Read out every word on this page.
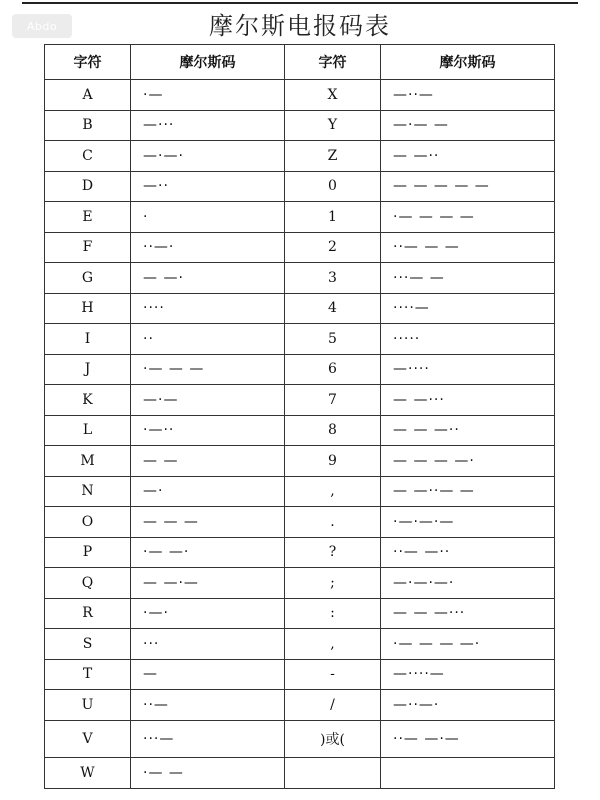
Abdo	摩尔斯电报码表
字符	摩尔斯码	字符	摩尔斯码
A	·—	X	—··—
B	—···	Y	—·— —
C	—·—·	Z	— —··
D	—··	0	— — — — —
E	·	1	·— — — —
F	··—·	2	··— — —
G	— —·	3	···— —
H	····	4	····—
I	··	5	·····
J	·— — —	6	—····
K	—·—	7	— —···
L	·—··	8	— — —··
M	— —	9	— — — —·
N	—·	,	— —··— —
O	— — —	.	·—·—·—
P	·— —·	?	··— —··
Q	— —·—	;	—·—·—·
R	·—·	:	— — —···
S	···	,	·— — — —·
T	—	-	—····—
U	··—	/	—··—·
V	···—	)或(	··— —·—
W	·— —		
